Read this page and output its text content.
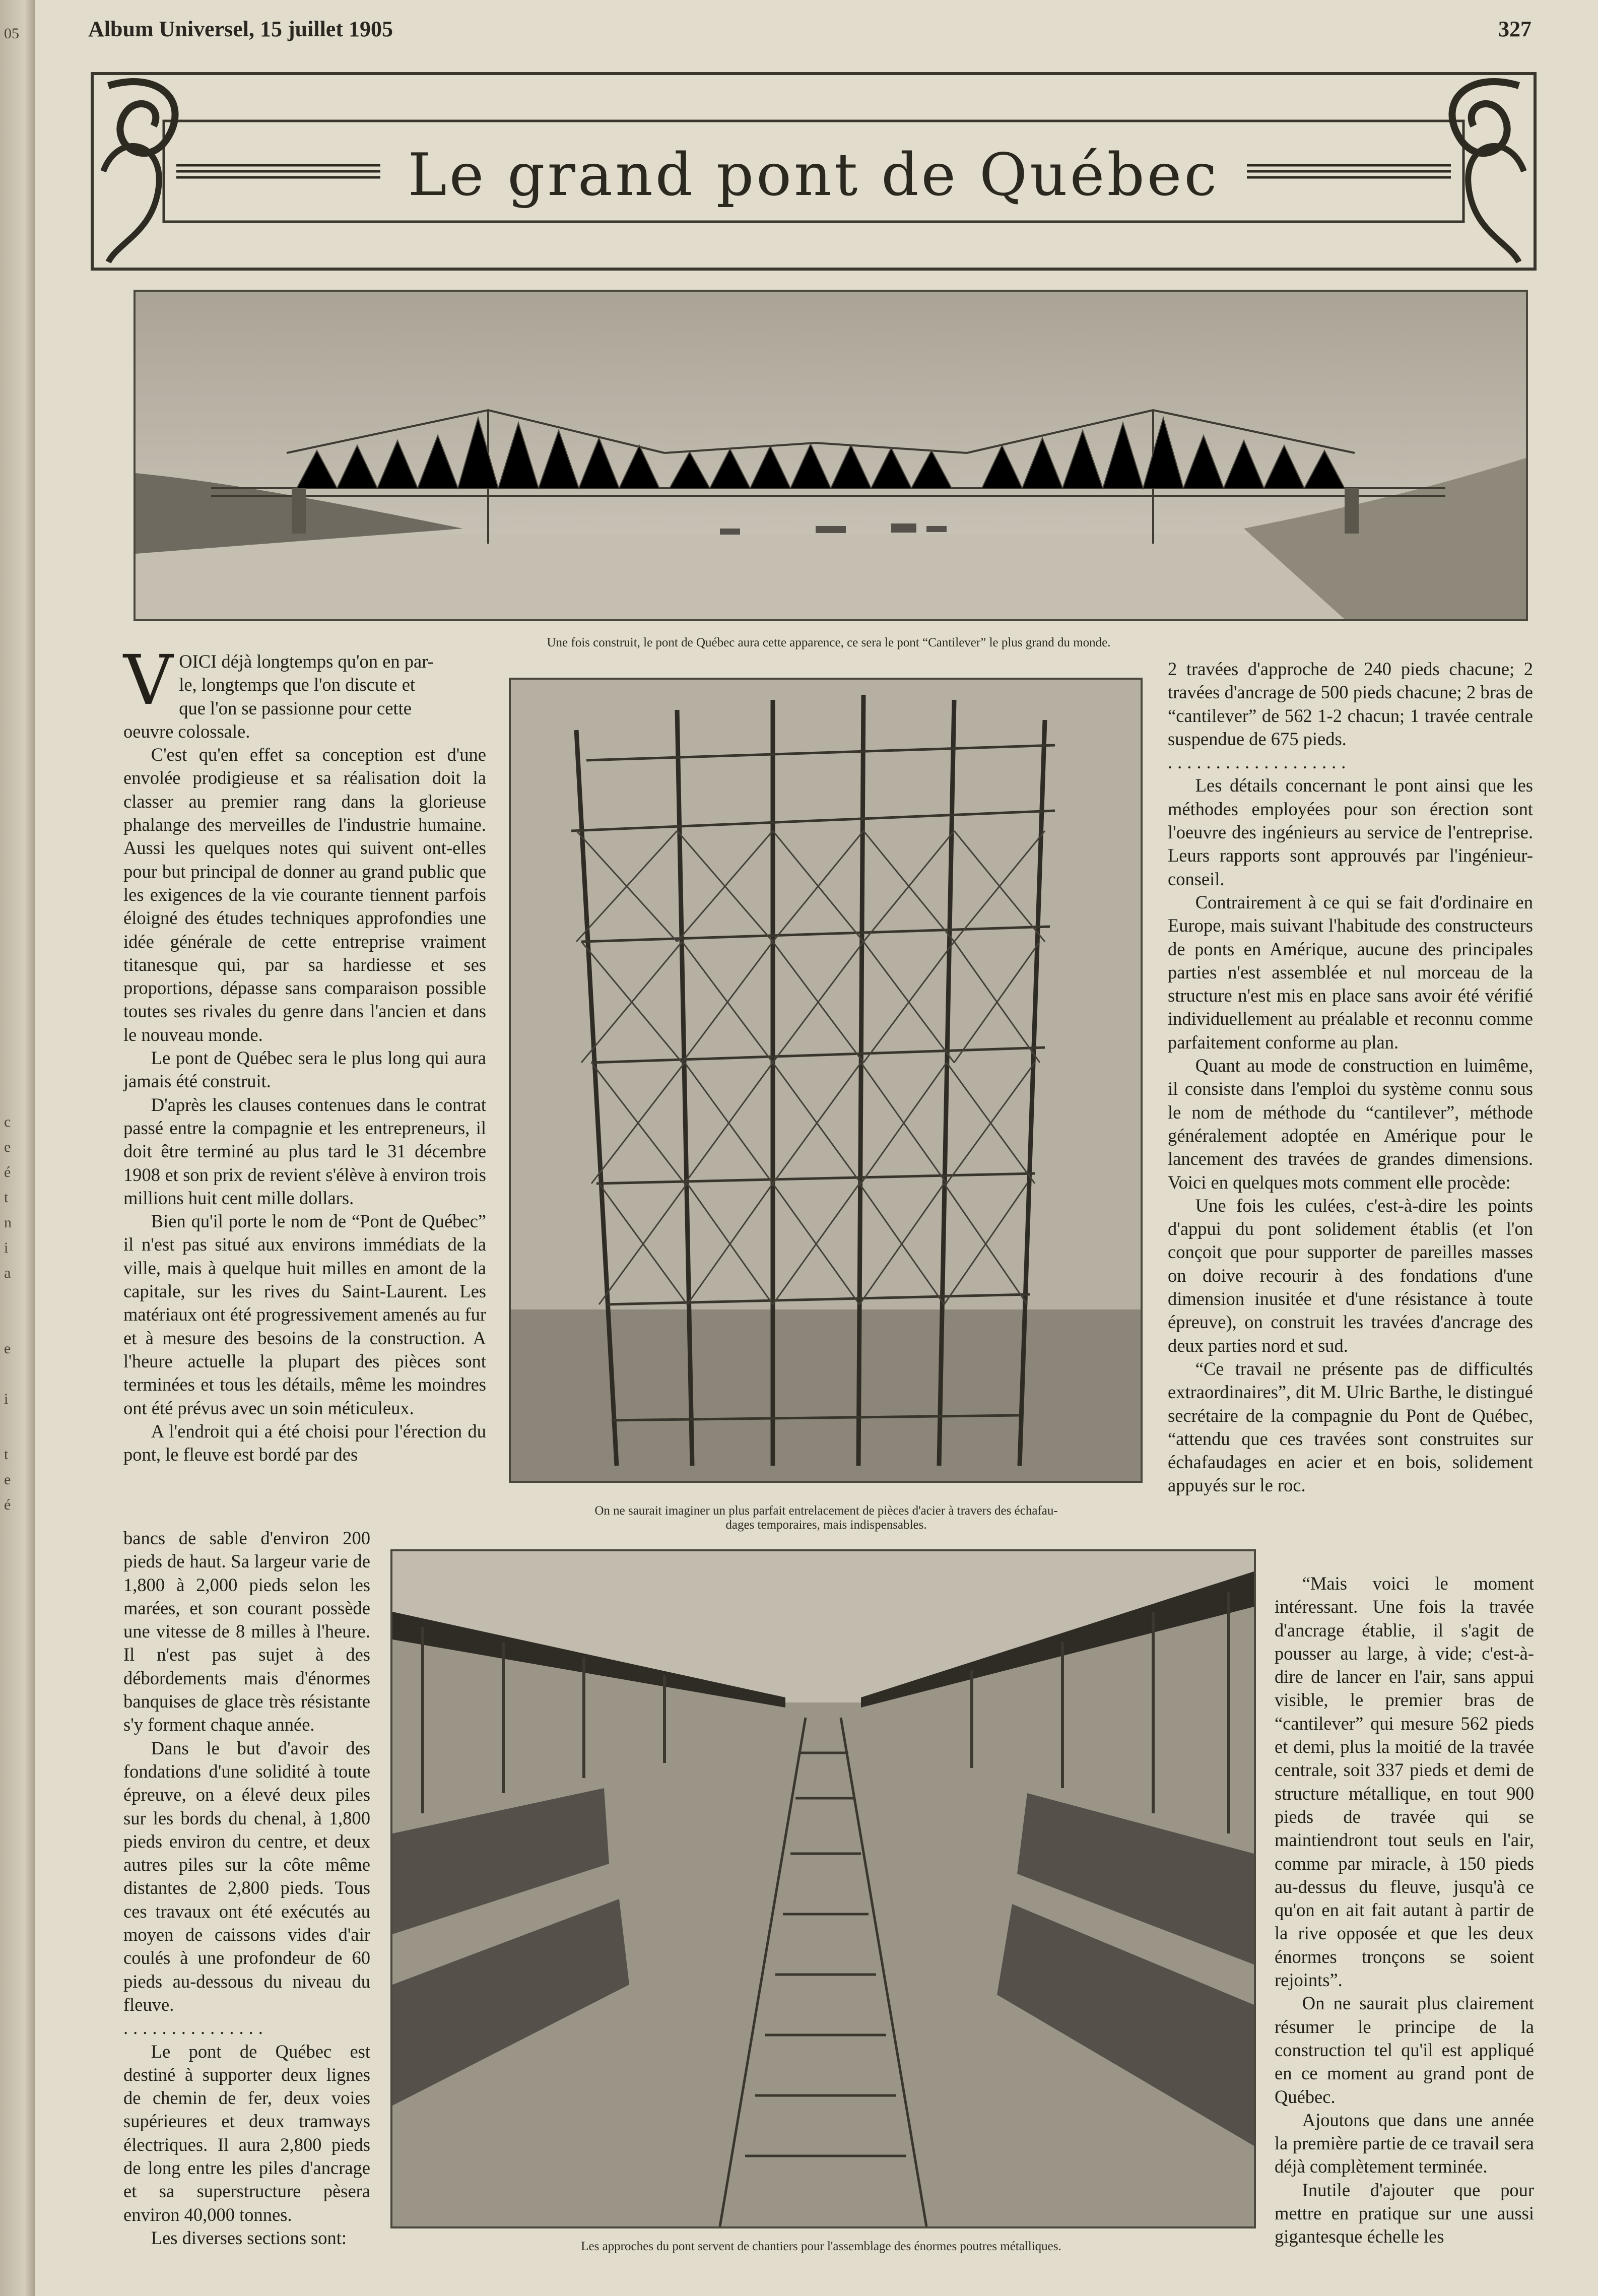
05
c
e
é
t
n
i
a
e
i
t
e
é
Album Universel, 15 juillet 1905	327
Le grand pont de Québec
Une fois construit, le pont de Québec aura cette apparence, ce sera le pont “Cantilever” le plus grand du monde.

V OICI déjà longtemps qu'on en par-
le, longtemps que l'on discute et
que l'on se passionne pour cette
oeuvre colossale.

C'est qu'en effet sa conception est d'une envolée prodigieuse et sa réalisation doit la classer au premier rang dans la glorieuse phalange des merveilles de l'industrie humaine. Aussi les quelques notes qui suivent ont-elles pour but principal de donner au grand public que les exigences de la vie courante tiennent parfois éloigné des études techniques approfondies une idée générale de cette entreprise vraiment titanesque qui, par sa hardiesse et ses proportions, dépasse sans comparaison possible toutes ses rivales du genre dans l'ancien et dans le nouveau monde.

Le pont de Québec sera le plus long qui aura jamais été construit.

D'après les clauses contenues dans le contrat passé entre la compagnie et les entrepreneurs, il doit être terminé au plus tard le 31 décembre 1908 et son prix de revient s'élève à environ trois millions huit cent mille dollars.

Bien qu'il porte le nom de “Pont de Québec” il n'est pas situé aux environs immédiats de la ville, mais à quelque huit milles en amont de la capitale, sur les rives du Saint-Laurent. Les matériaux ont été progressivement amenés au fur et à mesure des besoins de la construction. A l'heure actuelle la plupart des pièces sont terminées et tous les détails, même les moindres ont été prévus avec un soin méticuleux.

A l'endroit qui a été choisi pour l'érection du pont, le fleuve est bordé par des

bancs de sable d'environ 200 pieds de haut. Sa largeur varie de 1,800 à 2,000 pieds selon les marées, et son courant possède une vitesse de 8 milles à l'heure. Il n'est pas sujet à des débordements mais d'énormes banquises de glace très résistante s'y forment chaque année.

Dans le but d'avoir des fondations d'une solidité à toute épreuve, on a élevé deux piles sur les bords du chenal, à 1,800 pieds environ du centre, et deux autres piles sur la côte même distantes de 2,800 pieds. Tous ces travaux ont été exécutés au moyen de caissons vides d'air coulés à une profondeur de 60 pieds au-dessous du niveau du fleuve.

...............

Le pont de Québec est destiné à supporter deux lignes de chemin de fer, deux voies supérieures et deux tramways électriques. Il aura 2,800 pieds de long entre les piles d'ancrage et sa superstructure pèsera environ 40,000 tonnes.

Les diverses sections sont:

On ne saurait imaginer un plus parfait entrelacement de pièces d'acier à travers des échafau-
dages temporaires, mais indispensables.

2 travées d'approche de 240 pieds chacune; 2 travées d'ancrage de 500 pieds chacune; 2 bras de “cantilever” de 562 1-2 chacun; 1 travée centrale suspendue de 675 pieds.

...................

Les détails concernant le pont ainsi que les méthodes employées pour son érection sont l'oeuvre des ingénieurs au service de l'entreprise. Leurs rapports sont approuvés par l'ingénieur-conseil.

Contrairement à ce qui se fait d'ordinaire en Europe, mais suivant l'habitude des constructeurs de ponts en Amérique, aucune des principales parties n'est assemblée et nul morceau de la structure n'est mis en place sans avoir été vérifié individuellement au préalable et reconnu comme parfaitement conforme au plan.

Quant au mode de construction en luimême, il consiste dans l'emploi du système connu sous le nom de méthode du “cantilever”, méthode généralement adoptée en Amérique pour le lancement des travées de grandes dimensions. Voici en quelques mots comment elle procède:

Une fois les culées, c'est-à-dire les points d'appui du pont solidement établis (et l'on conçoit que pour supporter de pareilles masses on doive recourir à des fondations d'une dimension inusitée et d'une résistance à toute épreuve), on construit les travées d'ancrage des deux parties nord et sud.

“Ce travail ne présente pas de difficultés extraordinaires”, dit M. Ulric Barthe, le distingué secrétaire de la compagnie du Pont de Québec, “attendu que ces travées sont construites sur échafaudages en acier et en bois, solidement appuyés sur le roc.

“Mais voici le moment intéressant. Une fois la travée d'ancrage établie, il s'agit de pousser au large, à vide; c'est-à-dire de lancer en l'air, sans appui visible, le premier bras de “cantilever” qui mesure 562 pieds et demi, plus la moitié de la travée centrale, soit 337 pieds et demi de structure métallique, en tout 900 pieds de travée qui se maintiendront tout seuls en l'air, comme par miracle, à 150 pieds au-dessus du fleuve, jusqu'à ce qu'on en ait fait autant à partir de la rive opposée et que les deux énormes tronçons se soient rejoints”.

On ne saurait plus clairement résumer le principe de la construction tel qu'il est appliqué en ce moment au grand pont de Québec.

Ajoutons que dans une année la première partie de ce travail sera déjà complètement terminée.

Inutile d'ajouter que pour mettre en pratique sur une aussi gigantesque échelle les

Les approches du pont servent de chantiers pour l'assemblage des énormes poutres métalliques.
